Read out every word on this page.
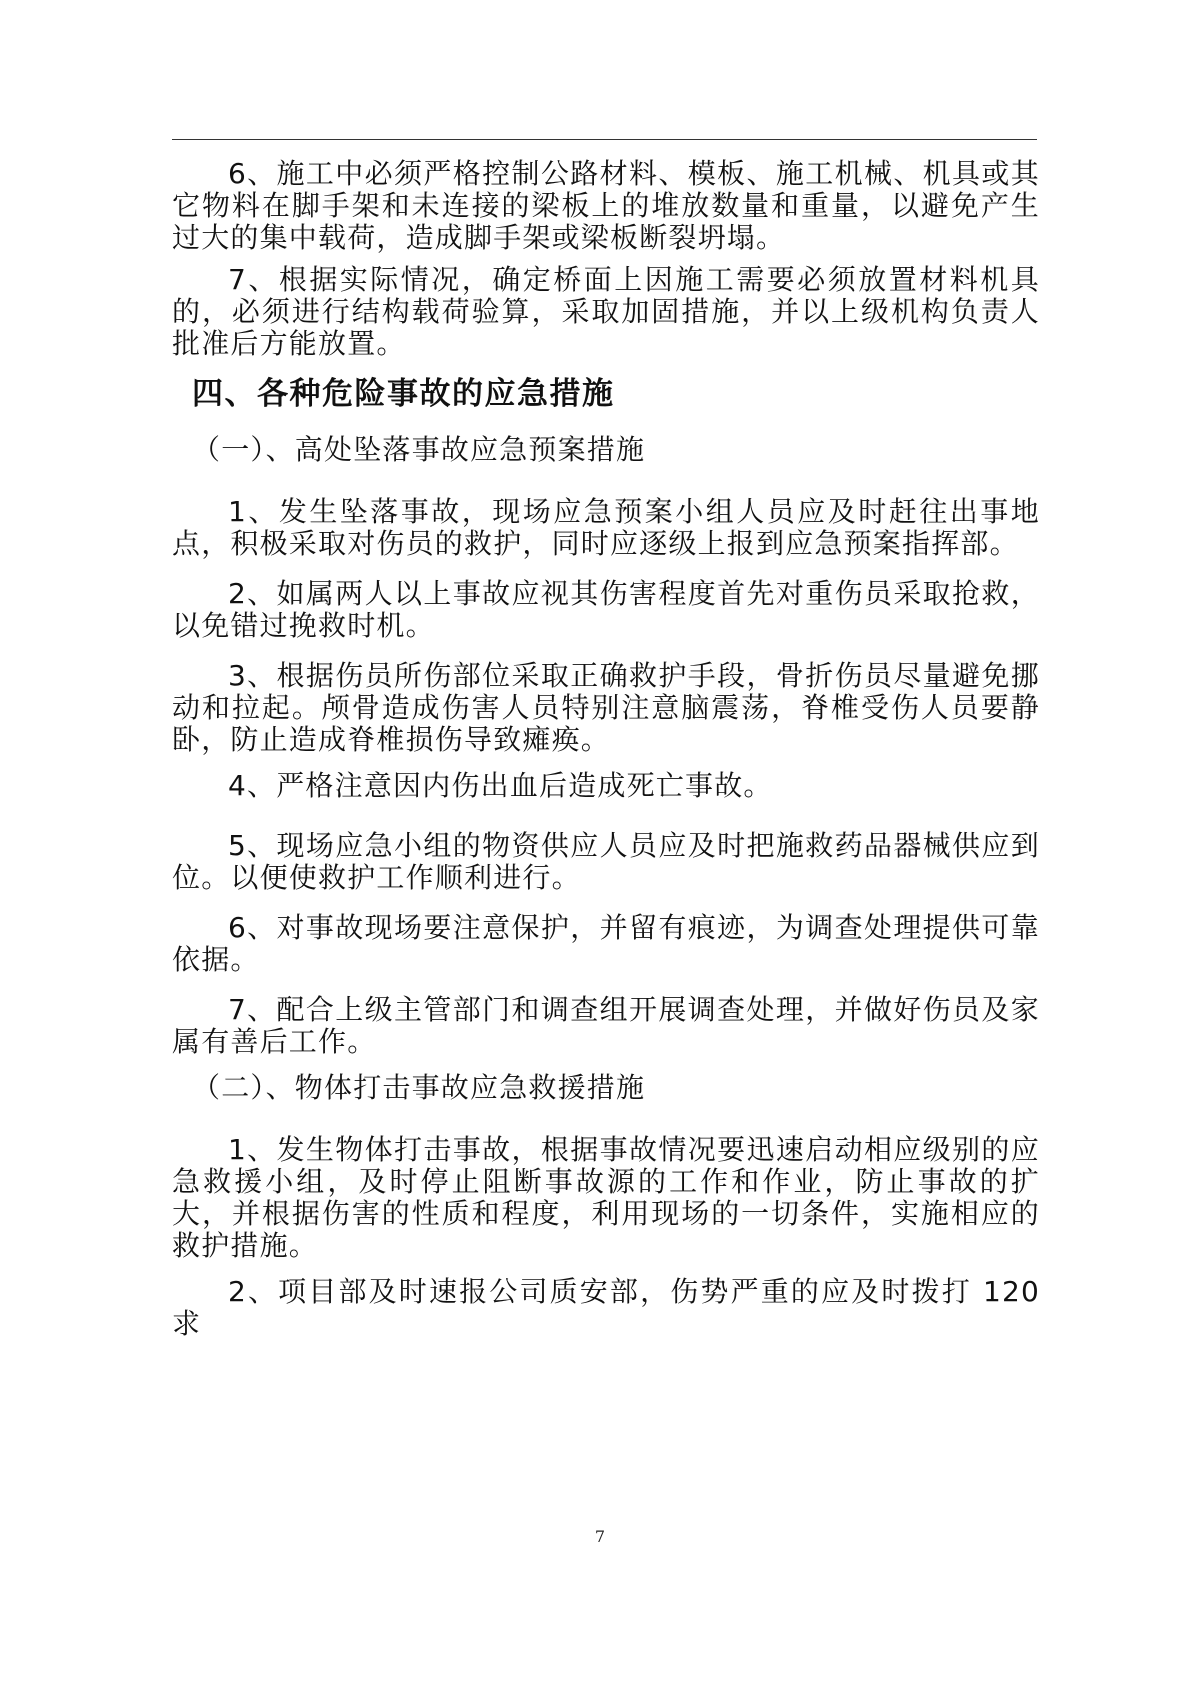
6、施工中必须严格控制公路材料、模板、施工机械、机具或其它物料在脚手架和未连接的梁板上的堆放数量和重量，以避免产生过大的集中载荷，造成脚手架或梁板断裂坍塌。

7、根据实际情况，确定桥面上因施工需要必须放置材料机具的，必须进行结构载荷验算，采取加固措施，并以上级机构负责人批准后方能放置。

四、各种危险事故的应急措施

（一）、高处坠落事故应急预案措施

1、发生坠落事故，现场应急预案小组人员应及时赶往出事地点，积极采取对伤员的救护，同时应逐级上报到应急预案指挥部。

2、如属两人以上事故应视其伤害程度首先对重伤员采取抢救，以免错过挽救时机。

3、根据伤员所伤部位采取正确救护手段，骨折伤员尽量避免挪动和拉起。颅骨造成伤害人员特别注意脑震荡，脊椎受伤人员要静卧，防止造成脊椎损伤导致瘫痪。

4、严格注意因内伤出血后造成死亡事故。

5、现场应急小组的物资供应人员应及时把施救药品器械供应到位。以便使救护工作顺利进行。

6、对事故现场要注意保护，并留有痕迹，为调查处理提供可靠依据。

7、配合上级主管部门和调查组开展调查处理，并做好伤员及家属有善后工作。

（二）、物体打击事故应急救援措施

1、发生物体打击事故，根据事故情况要迅速启动相应级别的应急救援小组，及时停止阻断事故源的工作和作业，防止事故的扩大，并根据伤害的性质和程度，利用现场的一切条件，实施相应的救护措施。

2、项目部及时速报公司质安部，伤势严重的应及时拨打 120 求

7
